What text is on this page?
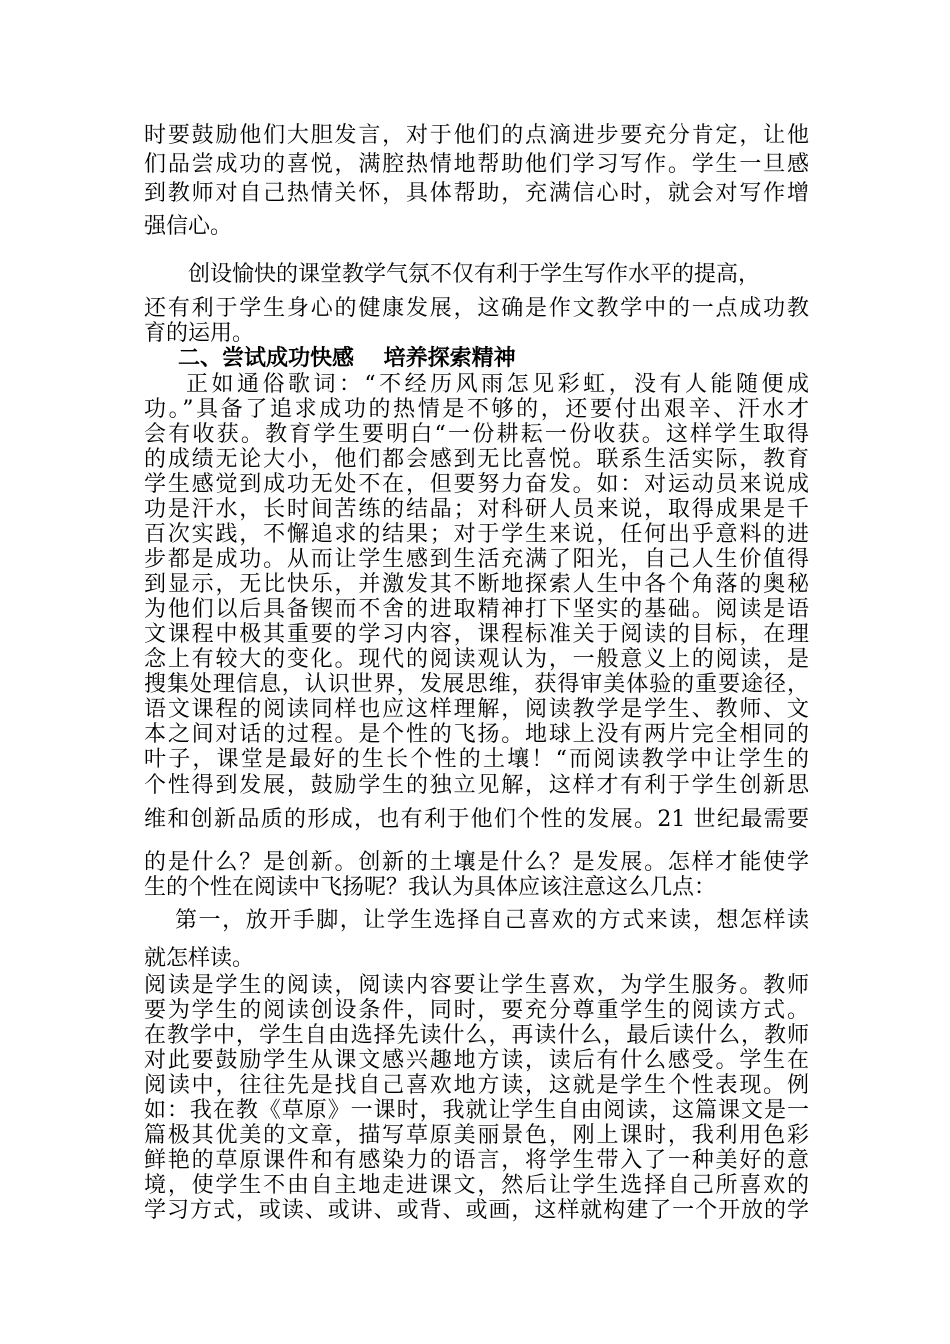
时要鼓励他们大胆发言，对于他们的点滴进步要充分肯定，让他
们品尝成功的喜悦，满腔热情地帮助他们学习写作。学生一旦感
到教师对自己热情关怀，具体帮助，充满信心时，就会对写作增
强信心。
创设愉快的课堂教学气氛不仅有利于学生写作水平的提高，
还有利于学生身心的健康发展，这确是作文教学中的一点成功教
育的运用。
二、尝试成功快感　 培养探索精神
正如通俗歌词：“不经历风雨怎见彩虹，没有人能随便成
功。”具备了追求成功的热情是不够的，还要付出艰辛、汗水才
会有收获。教育学生要明白“一份耕耘一份收获。这样学生取得
的成绩无论大小，他们都会感到无比喜悦。联系生活实际，教育
学生感觉到成功无处不在，但要努力奋发。如：对运动员来说成
功是汗水，长时间苦练的结晶；对科研人员来说，取得成果是千
百次实践，不懈追求的结果；对于学生来说，任何出乎意料的进
步都是成功。从而让学生感到生活充满了阳光，自己人生价值得
到显示，无比快乐，并激发其不断地探索人生中各个角落的奥秘
为他们以后具备锲而不舍的进取精神打下坚实的基础。阅读是语
文课程中极其重要的学习内容，课程标准关于阅读的目标，在理
念上有较大的变化。现代的阅读观认为，一般意义上的阅读，是
搜集处理信息，认识世界，发展思维，获得审美体验的重要途径，
语文课程的阅读同样也应这样理解，阅读教学是学生、教师、文
本之间对话的过程。是个性的飞扬。地球上没有两片完全相同的
叶子，课堂是最好的生长个性的土壤！“而阅读教学中让学生的
个性得到发展，鼓励学生的独立见解，这样才有利于学生创新思
维和创新品质的形成，也有利于他们个性的发展。21 世纪最需要
的是什么？是创新。创新的土壤是什么？是发展。怎样才能使学
生的个性在阅读中飞扬呢？我认为具体应该注意这么几点：
第一，放开手脚，让学生选择自己喜欢的方式来读，想怎样读
就怎样读。
阅读是学生的阅读，阅读内容要让学生喜欢，为学生服务。教师
要为学生的阅读创设条件，同时，要充分尊重学生的阅读方式。
在教学中，学生自由选择先读什么，再读什么，最后读什么，教师
对此要鼓励学生从课文感兴趣地方读，读后有什么感受。学生在
阅读中，往往先是找自己喜欢地方读，这就是学生个性表现。例
如：我在教《草原》一课时，我就让学生自由阅读，这篇课文是一
篇极其优美的文章，描写草原美丽景色，刚上课时，我利用色彩
鲜艳的草原课件和有感染力的语言，将学生带入了一种美好的意
境，使学生不由自主地走进课文，然后让学生选择自己所喜欢的
学习方式，或读、或讲、或背、或画，这样就构建了一个开放的学
